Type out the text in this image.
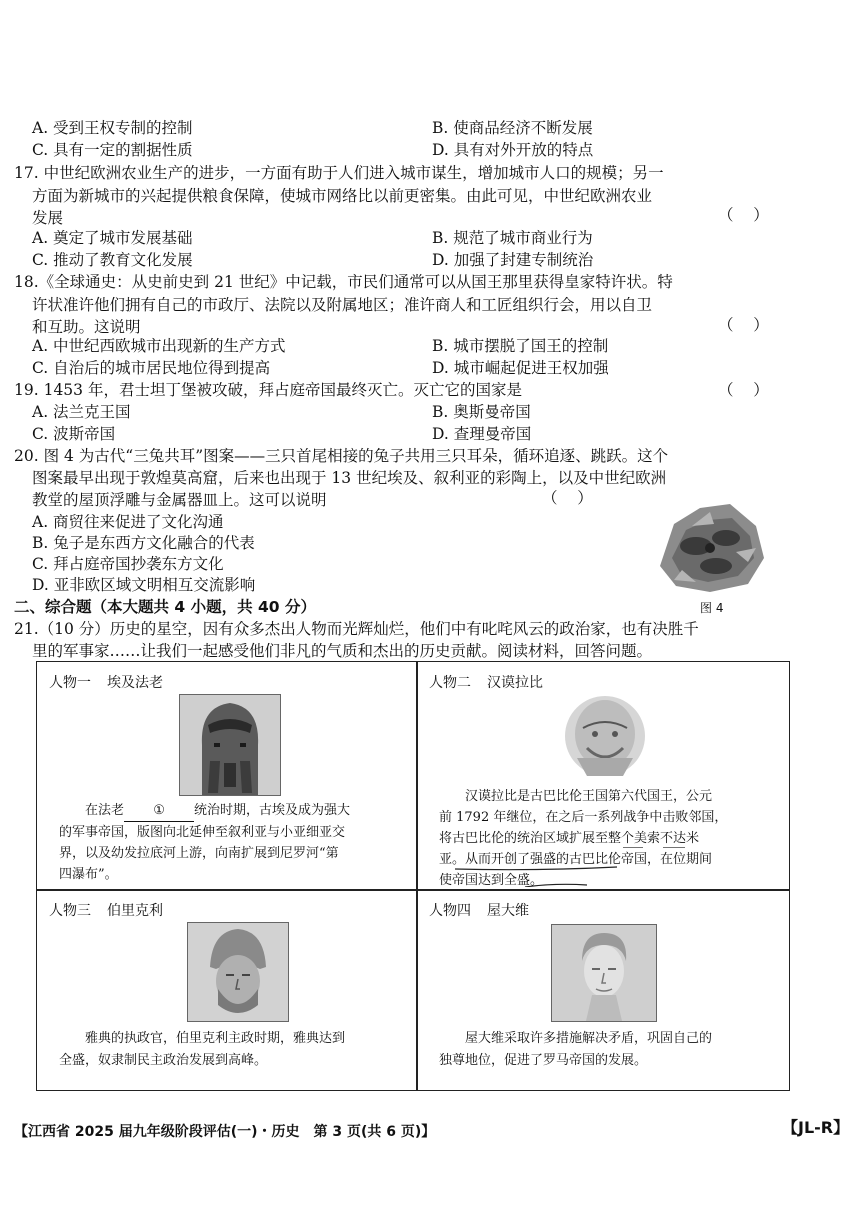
A. 受到王权专制的控制	B. 使商品经济不断发展
C. 具有一定的割据性质	D. 具有对外开放的特点
17. 中世纪欧洲农业生产的进步，一方面有助于人们进入城市谋生，增加城市人口的规模；另一
方面为新城市的兴起提供粮食保障，使城市网络比以前更密集。由此可见，中世纪欧洲农业
发展	（    ）
A. 奠定了城市发展基础	B. 规范了城市商业行为
C. 推动了教育文化发展	D. 加强了封建专制统治
18.《全球通史：从史前史到 21 世纪》中记载，市民们通常可以从国王那里获得皇家特许状。特
许状准许他们拥有自己的市政厅、法院以及附属地区；准许商人和工匠组织行会，用以自卫
和互助。这说明	（    ）
A. 中世纪西欧城市出现新的生产方式	B. 城市摆脱了国王的控制
C. 自治后的城市居民地位得到提高	D. 城市崛起促进王权加强
19. 1453 年，君士坦丁堡被攻破，拜占庭帝国最终灭亡。灭亡它的国家是	（    ）
A. 法兰克王国	B. 奥斯曼帝国
C. 波斯帝国	D. 查理曼帝国
20. 图 4 为古代“三兔共耳”图案——三只首尾相接的兔子共用三只耳朵，循环追逐、跳跃。这个
图案最早出现于敦煌莫高窟，后来也出现于 13 世纪埃及、叙利亚的彩陶上，以及中世纪欧洲
教堂的屋顶浮雕与金属器皿上。这可以说明	（    ）
A. 商贸往来促进了文化沟通
B. 兔子是东西方文化融合的代表
C. 拜占庭帝国抄袭东方文化
D. 亚非欧区域文明相互交流影响
图 4
二、综合题（本大题共 4 小题，共 40 分）
21.（10 分）历史的星空，因有众多杰出人物而光辉灿烂，他们中有叱咤风云的政治家，也有决胜千
里的军事家……让我们一起感受他们非凡的气质和杰出的历史贡献。阅读材料，回答问题。
人物一 埃及法老
在法老 ① 统治时期，古埃及成为强大
的军事帝国，版图向北延伸至叙利亚与小亚细亚交
界，以及幼发拉底河上游，向南扩展到尼罗河“第
四瀑布”。
人物二 汉谟拉比
汉谟拉比是古巴比伦王国第六代国王，公元
前 1792 年继位，在之后一系列战争中击败邻国，
将古巴比伦的统治区域扩展至整个美索不达米
亚。从而开创了强盛的古巴比伦帝国，在位期间
使帝国达到全盛。
人物三 伯里克利
雅典的执政官，伯里克利主政时期，雅典达到
全盛，奴隶制民主政治发展到高峰。
人物四 屋大维
屋大维采取许多措施解决矛盾，巩固自己的
独尊地位，促进了罗马帝国的发展。
【江西省 2025 届九年级阶段评估(一)・历史　第 3 页(共 6 页)】	【JL-R】
